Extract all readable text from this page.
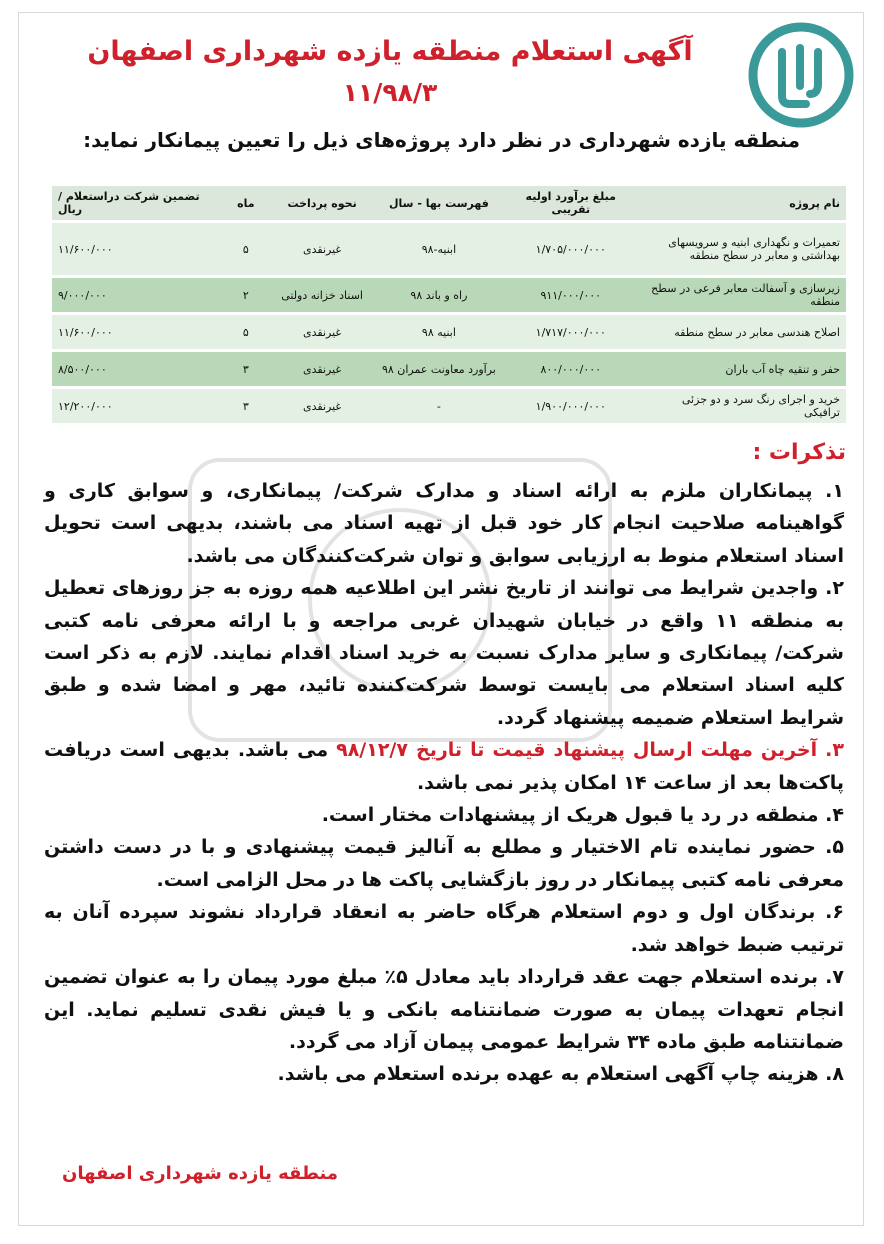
آگهی استعلام منطقه یازده شهرداری اصفهان
۱۱/۹۸/۳
منطقه یازده شهرداری در نظر دارد پروژه‌های ذیل را تعیین پیمانکار نماید:
نام پروژه	مبلغ برآورد اولیه تقریبی	فهرست بها - سال	نحوه پرداخت	ماه	تضمین شرکت دراستعلام / ریال
تعمیرات و نگهداری ابنیه و سرویسهای بهداشتی و معابر در سطح منطقه	۱/۷۰۵/۰۰۰/۰۰۰	ابنیه-۹۸	غیرنقدی	۵	۱۱/۶۰۰/۰۰۰
زیرسازی و آسفالت معابر فرعی در سطح منطقه	۹۱۱/۰۰۰/۰۰۰	راه و باند ۹۸	اسناد خزانه دولتی	۲	۹/۰۰۰/۰۰۰
اصلاح هندسی معابر در سطح منطقه	۱/۷۱۷/۰۰۰/۰۰۰	ابنیه ۹۸	غیرنقدی	۵	۱۱/۶۰۰/۰۰۰
حفر و تنقیه چاه آب باران	۸۰۰/۰۰۰/۰۰۰	برآورد معاونت عمران ۹۸	غیرنقدی	۳	۸/۵۰۰/۰۰۰
خرید و اجرای رنگ سرد و دو جزئی ترافیکی	۱/۹۰۰/۰۰۰/۰۰۰	-	غیرنقدی	۳	۱۲/۲۰۰/۰۰۰
تذکرات :

۱. پیمانکاران ملزم به ارائه اسناد و مدارک شرکت/ پیمانکاری، و سوابق کاری و گواهینامه صلاحیت انجام کار خود قبل از تهیه اسناد می باشند، بدیهی است تحویل اسناد استعلام منوط به ارزیابی سوابق و توان شرکت‌کنندگان می باشد.

۲. واجدین شرایط می توانند از تاریخ نشر این اطلاعیه همه روزه به جز روزهای تعطیل به منطقه ۱۱ واقع در خیابان شهیدان غربی مراجعه و با ارائه معرفی نامه کتبی شرکت/ پیمانکاری و سایر مدارک نسبت به خرید اسناد اقدام نمایند. لازم به ذکر است کلیه اسناد استعلام می بایست توسط شرکت‌کننده تائید، مهر و امضا شده و طبق شرایط استعلام ضمیمه پیشنهاد گردد.

۳. آخرین مهلت ارسال پیشنهاد قیمت تا تاریخ ۹۸/۱۲/۷ می باشد. بدیهی است دریافت پاکت‌ها بعد از ساعت ۱۴ امکان پذیر نمی باشد.

۴. منطقه در رد یا قبول هریک از پیشنهادات مختار است.

۵. حضور نماینده تام الاختیار و مطلع به آنالیز قیمت پیشنهادی و با در دست داشتن معرفی نامه کتبی پیمانکار در روز بازگشایی پاکت ها در محل الزامی است.

۶. برندگان اول و دوم استعلام هرگاه حاضر به انعقاد قرارداد نشوند سپرده آنان به ترتیب ضبط خواهد شد.

۷. برنده استعلام جهت عقد قرارداد باید معادل ۵٪ مبلغ مورد پیمان را به عنوان تضمین انجام تعهدات پیمان به صورت ضمانتنامه بانکی و یا فیش نقدی تسلیم نماید. این ضمانتنامه طبق ماده ۳۴ شرایط عمومی پیمان آزاد می گردد.

۸. هزینه چاپ آگهی استعلام به عهده برنده استعلام می باشد.

منطقه یازده شهرداری اصفهان
